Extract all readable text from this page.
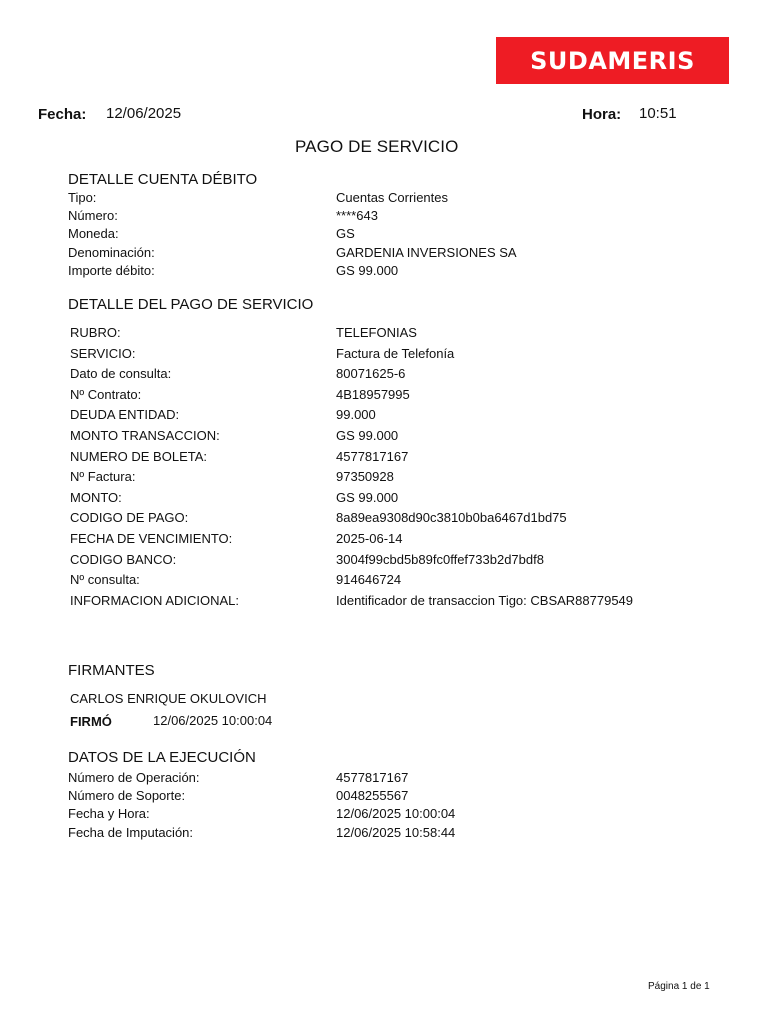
SUDAMERIS
Fecha: 12/06/2025	Hora: 10:51
PAGO DE SERVICIO
DETALLE CUENTA DÉBITO
Tipo:	Cuentas Corrientes
Número:	****643
Moneda:	GS
Denominación:	GARDENIA INVERSIONES SA
Importe débito:	GS 99.000
DETALLE DEL PAGO DE SERVICIO
RUBRO:	TELEFONIAS
SERVICIO:	Factura de Telefonía
Dato de consulta:	80071625-6
Nº Contrato:	4B18957995
DEUDA ENTIDAD:	99.000
MONTO TRANSACCION:	GS 99.000
NUMERO DE BOLETA:	4577817167
Nº Factura:	97350928
MONTO:	GS 99.000
CODIGO DE PAGO:	8a89ea9308d90c3810b0ba6467d1bd75
FECHA DE VENCIMIENTO:	2025-06-14
CODIGO BANCO:	3004f99cbd5b89fc0ffef733b2d7bdf8
Nº consulta:	914646724
INFORMACION ADICIONAL:	Identificador de transaccion Tigo: CBSAR88779549
FIRMANTES
CARLOS ENRIQUE OKULOVICH
FIRMÓ	12/06/2025 10:00:04
DATOS DE LA EJECUCIÓN
Número de Operación:	4577817167
Número de Soporte:	0048255567
Fecha y Hora:	12/06/2025 10:00:04
Fecha de Imputación:	12/06/2025 10:58:44
Página 1 de 1
